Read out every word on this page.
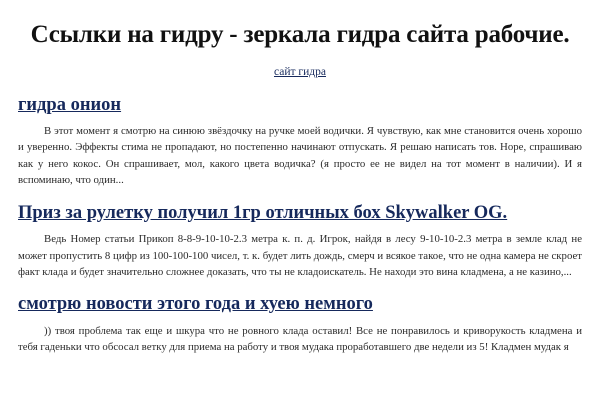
Ссылки на гидру - зеркала гидра сайта рабочие.
сайт гидра
гидра онион

В этот момент я смотрю на синюю звёздочку на ручке моей водички. Я чувствую, как мне становится очень хорошо и уверенно. Эффекты стима не пропадают, но постепенно начинают отпускать. Я решаю написать тов. Норе, спрашиваю как у него кокос. Он спрашивает, мол, какого цвета водичка? (я просто ее не видел на тот момент в наличии). И я вспоминаю, что один...

Приз за рулетку получил 1гр отличных бох Skywalker OG.

Ведь Номер статьи Прикоп 8-8-9-10-10-2.3 метра к. п. д. Игрок, найдя в лесу 9-10-10-2.3 метра в земле клад не может пропустить 8 цифр из 100-100-100 чисел, т. к. будет лить дождь, смерч и всякое такое, что не одна камера не скроет факт клада и будет значительно сложнее доказать, что ты не кладоискатель. Не находи это вина кладмена, а не казино,...

смотрю новости этого года и хуею немного

)) твоя проблема так еще и шкура что не ровного клада оставил! Все не понравилось и криворукость кладмена и тебя гаденьки что обсосал ветку для приема на работу и твоя мудака проработавшего две недели из 5! Кладмен мудак я
